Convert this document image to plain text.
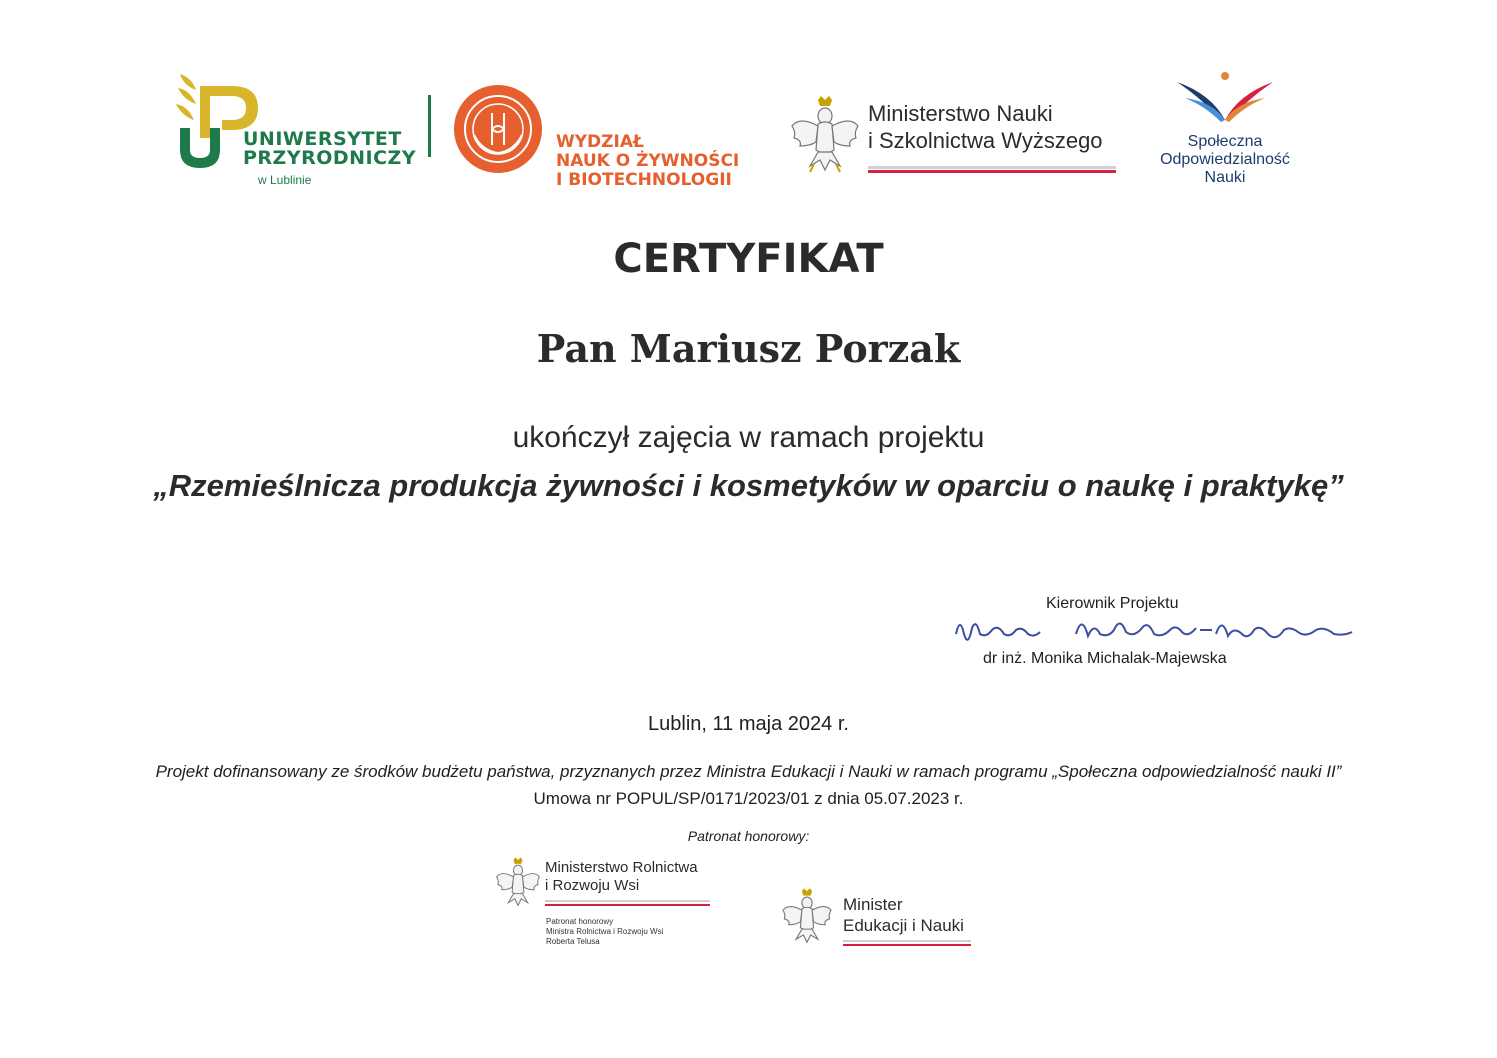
UNIWERSYTET
PRZYRODNICZY
w Lublinie
WYDZIAŁ
NAUK O ŻYWNOŚCI
I BIOTECHNOLOGII
Ministerstwo Nauki
i Szkolnictwa Wyższego	Społeczna
Odpowiedzialność
Nauki
CERTYFIKAT
Pan Mariusz Porzak
ukończył zajęcia w ramach projektu
„Rzemieślnicza produkcja żywności i kosmetyków w oparciu o naukę i praktykę”
Kierownik Projektu
dr inż. Monika Michalak-Majewska
Lublin, 11 maja 2024 r.
Projekt dofinansowany ze środków budżetu państwa, przyznanych przez Ministra Edukacji i Nauki w ramach programu „Społeczna odpowiedzialność nauki II”
Umowa nr POPUL/SP/0171/2023/01 z dnia 05.07.2023 r.
Patronat honorowy:
Ministerstwo Rolnictwa
i Rozwoju Wsi
Patronat honorowy
Ministra Rolnictwa i Rozwoju Wsi
Roberta Telusa
Minister
Edukacji i Nauki
